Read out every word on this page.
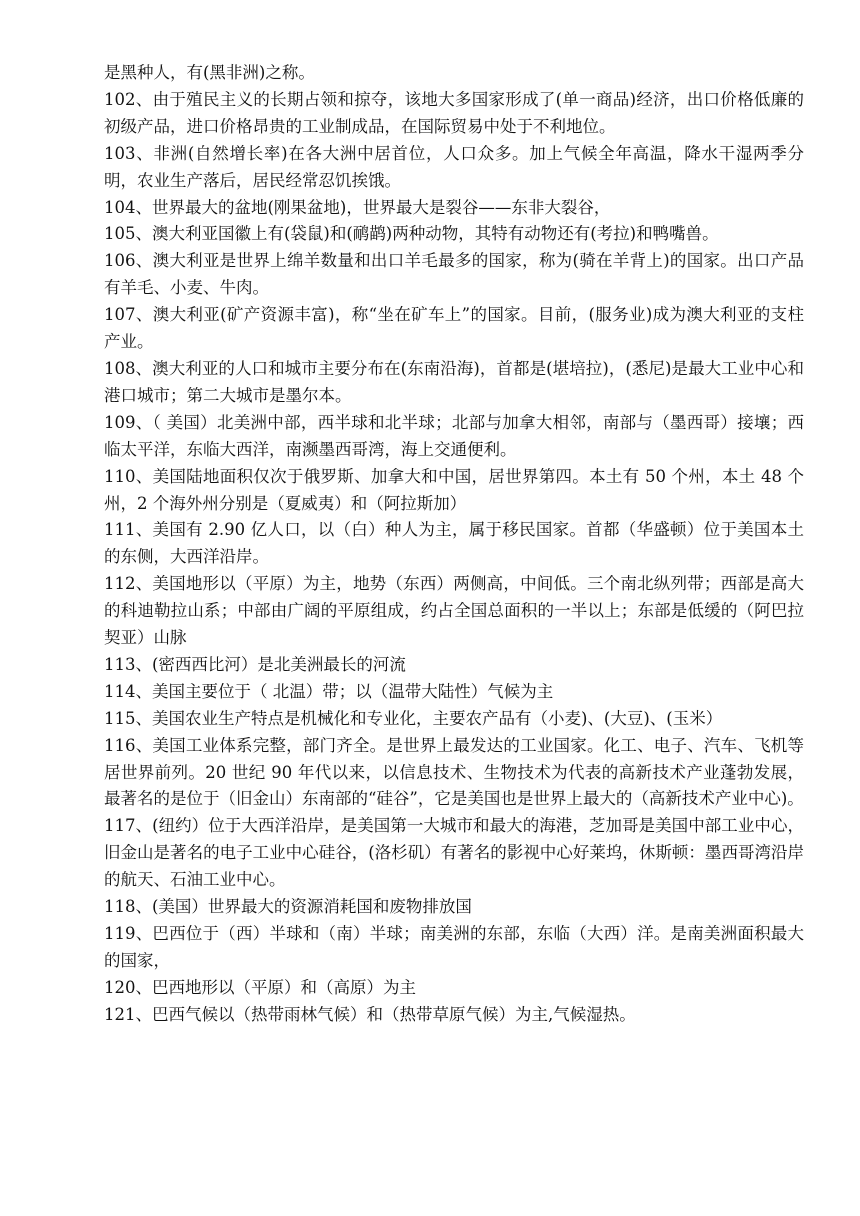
是黑种人，有(黑非洲)之称。

102、由于殖民主义的长期占领和掠夺，该地大多国家形成了(单一商品)经济，出口价格低廉的初级产品，进口价格昂贵的工业制成品，在国际贸易中处于不利地位。

103、非洲(自然增长率)在各大洲中居首位，人口众多。加上气候全年高温，降水干湿两季分明，农业生产落后，居民经常忍饥挨饿。

104、世界最大的盆地(刚果盆地)，世界最大是裂谷——东非大裂谷，

105、澳大利亚国徽上有(袋鼠)和(鸸鹋)两种动物，其特有动物还有(考拉)和鸭嘴兽。

106、澳大利亚是世界上绵羊数量和出口羊毛最多的国家，称为(骑在羊背上)的国家。出口产品有羊毛、小麦、牛肉。

107、澳大利亚(矿产资源丰富)，称“坐在矿车上”的国家。目前，(服务业)成为澳大利亚的支柱产业。

108、澳大利亚的人口和城市主要分布在(东南沿海)，首都是(堪培拉)，(悉尼)是最大工业中心和港口城市；第二大城市是墨尔本。

109、（ 美国）北美洲中部，西半球和北半球；北部与加拿大相邻，南部与（墨西哥）接壤；西临太平洋，东临大西洋，南濒墨西哥湾，海上交通便利。

110、美国陆地面积仅次于俄罗斯、加拿大和中国，居世界第四。本土有 50 个州，本土 48 个州，2 个海外州分别是（夏威夷）和（阿拉斯加）

111、美国有 2.90 亿人口，以（白）种人为主，属于移民国家。首都（华盛顿）位于美国本土的东侧，大西洋沿岸。

112、美国地形以（平原）为主，地势（东西）两侧高，中间低。三个南北纵列带；西部是高大的科迪勒拉山系；中部由广阔的平原组成，约占全国总面积的一半以上；东部是低缓的（阿巴拉契亚）山脉

113、(密西西比河）是北美洲最长的河流

114、美国主要位于（ 北温）带；以（温带大陆性）气候为主

115、美国农业生产特点是机械化和专业化，主要农产品有（小麦)、(大豆)、(玉米）

116、美国工业体系完整，部门齐全。是世界上最发达的工业国家。化工、电子、汽车、飞机等居世界前列。20 世纪 90 年代以来，以信息技术、生物技术为代表的高新技术产业蓬勃发展，最著名的是位于（旧金山）东南部的“硅谷”，它是美国也是世界上最大的（高新技术产业中心)。

117、(纽约）位于大西洋沿岸，是美国第一大城市和最大的海港，芝加哥是美国中部工业中心，旧金山是著名的电子工业中心硅谷，(洛杉矶）有著名的影视中心好莱坞，休斯顿：墨西哥湾沿岸的航天、石油工业中心。

118、(美国）世界最大的资源消耗国和废物排放国

119、巴西位于（西）半球和（南）半球；南美洲的东部，东临（大西）洋。是南美洲面积最大的国家，

120、巴西地形以（平原）和（高原）为主

121、巴西气候以（热带雨林气候）和（热带草原气候）为主,气候湿热。
